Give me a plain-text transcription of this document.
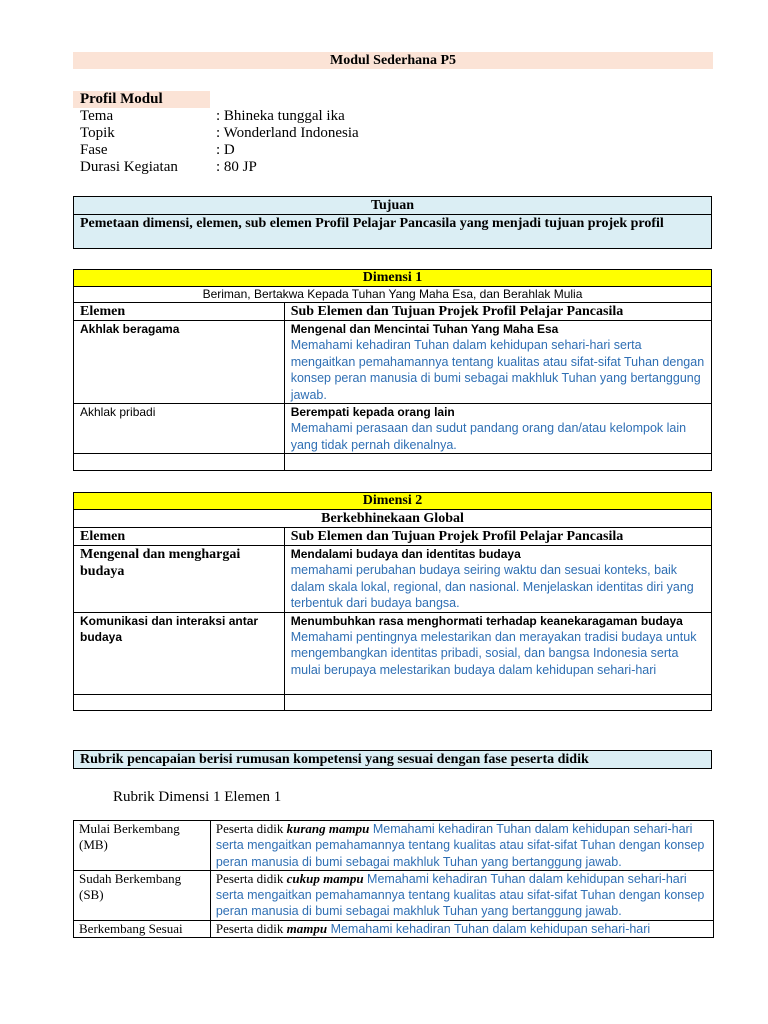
Modul Sederhana P5
Profil Modul
Tema	: Bhineka tunggal ika
Topik	: Wonderland Indonesia
Fase	: D
Durasi Kegiatan	: 80 JP
Tujuan
Pemetaan dimensi, elemen, sub elemen Profil Pelajar Pancasila yang menjadi tujuan projek profil
Dimensi 1	
Beriman, Bertakwa Kepada Tuhan Yang Maha Esa, dan Berahlak Mulia	
Elemen	Sub Elemen dan Tujuan Projek Profil Pelajar Pancasila
Akhlak beragama	Mengenal dan Mencintai Tuhan Yang Maha Esa
Memahami kehadiran Tuhan dalam kehidupan sehari-hari serta mengaitkan pemahamannya tentang kualitas atau sifat-sifat Tuhan dengan konsep peran manusia di bumi sebagai makhluk Tuhan yang bertanggung jawab.

Akhlak pribadi	Berempati kepada orang lain
Memahami perasaan dan sudut pandang orang dan/atau kelompok lain yang tidak pernah dikenalnya.

Dimensi 2	
Berkebhinekaan Global	
Elemen	Sub Elemen dan Tujuan Projek Profil Pelajar Pancasila
Mengenal dan menghargai budaya	Mendalami budaya dan identitas budaya
memahami perubahan budaya seiring waktu dan sesuai konteks, baik dalam skala lokal, regional, dan nasional. Menjelaskan identitas diri yang terbentuk dari budaya bangsa.

Komunikasi dan interaksi antar budaya	Menumbuhkan rasa menghormati terhadap keanekaragaman budaya
Memahami pentingnya melestarikan dan merayakan tradisi budaya untuk mengembangkan identitas pribadi, sosial, dan bangsa Indonesia serta mulai berupaya melestarikan budaya dalam kehidupan sehari-hari

Rubrik pencapaian berisi rumusan kompetensi yang sesuai dengan fase peserta didik
Rubrik Dimensi 1 Elemen 1
Mulai Berkembang (MB)	Peserta didik kurang mampu Memahami kehadiran Tuhan dalam kehidupan sehari-hari serta mengaitkan pemahamannya tentang kualitas atau sifat-sifat Tuhan dengan konsep peran manusia di bumi sebagai makhluk Tuhan yang bertanggung jawab.
Sudah Berkembang (SB)	Peserta didik cukup mampu Memahami kehadiran Tuhan dalam kehidupan sehari-hari serta mengaitkan pemahamannya tentang kualitas atau sifat-sifat Tuhan dengan konsep peran manusia di bumi sebagai makhluk Tuhan yang bertanggung jawab.
Berkembang Sesuai	Peserta didik mampu Memahami kehadiran Tuhan dalam kehidupan sehari-hari
